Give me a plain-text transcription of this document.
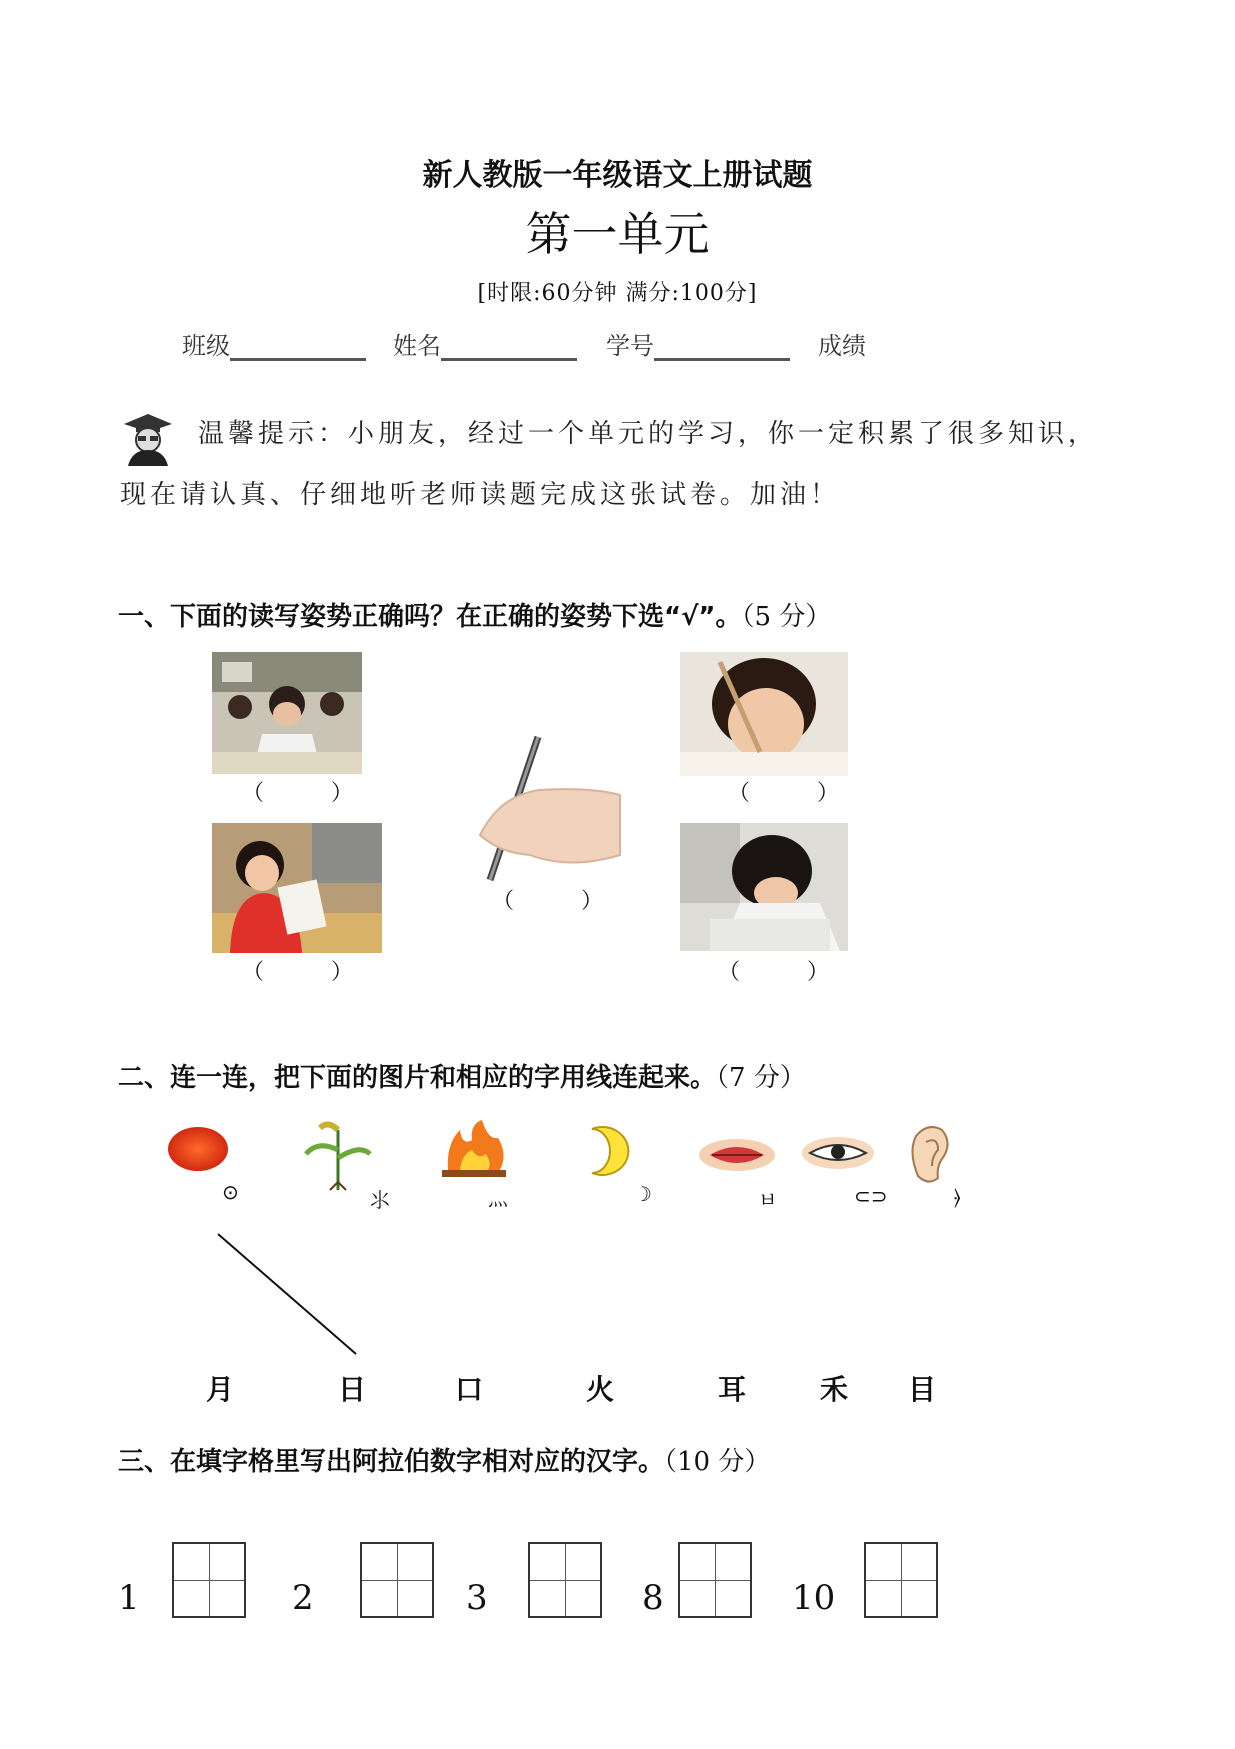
新人教版一年级语文上册试题
第一单元
[时限:60分钟 满分:100分]
班级	姓名	学号	成绩
温馨提示：小朋友，经过一个单元的学习，你一定积累了很多知识，
现在请认真、仔细地听老师读题完成这张试卷。加油！
一、下面的读写姿势正确吗？在正确的姿势下选“√”。（5 分）
（ ）	（ ）
（ ）
（ ）	（ ）
二、连一连，把下面的图片和相应的字用线连起来。（7 分）
⊙	⺢	灬	☽	ㅂ	⊂⊃	⦒
月	日	口	火	耳	禾 目
三、在填字格里写出阿拉伯数字相对应的汉字。（10 分）
1	2	3	8	10
